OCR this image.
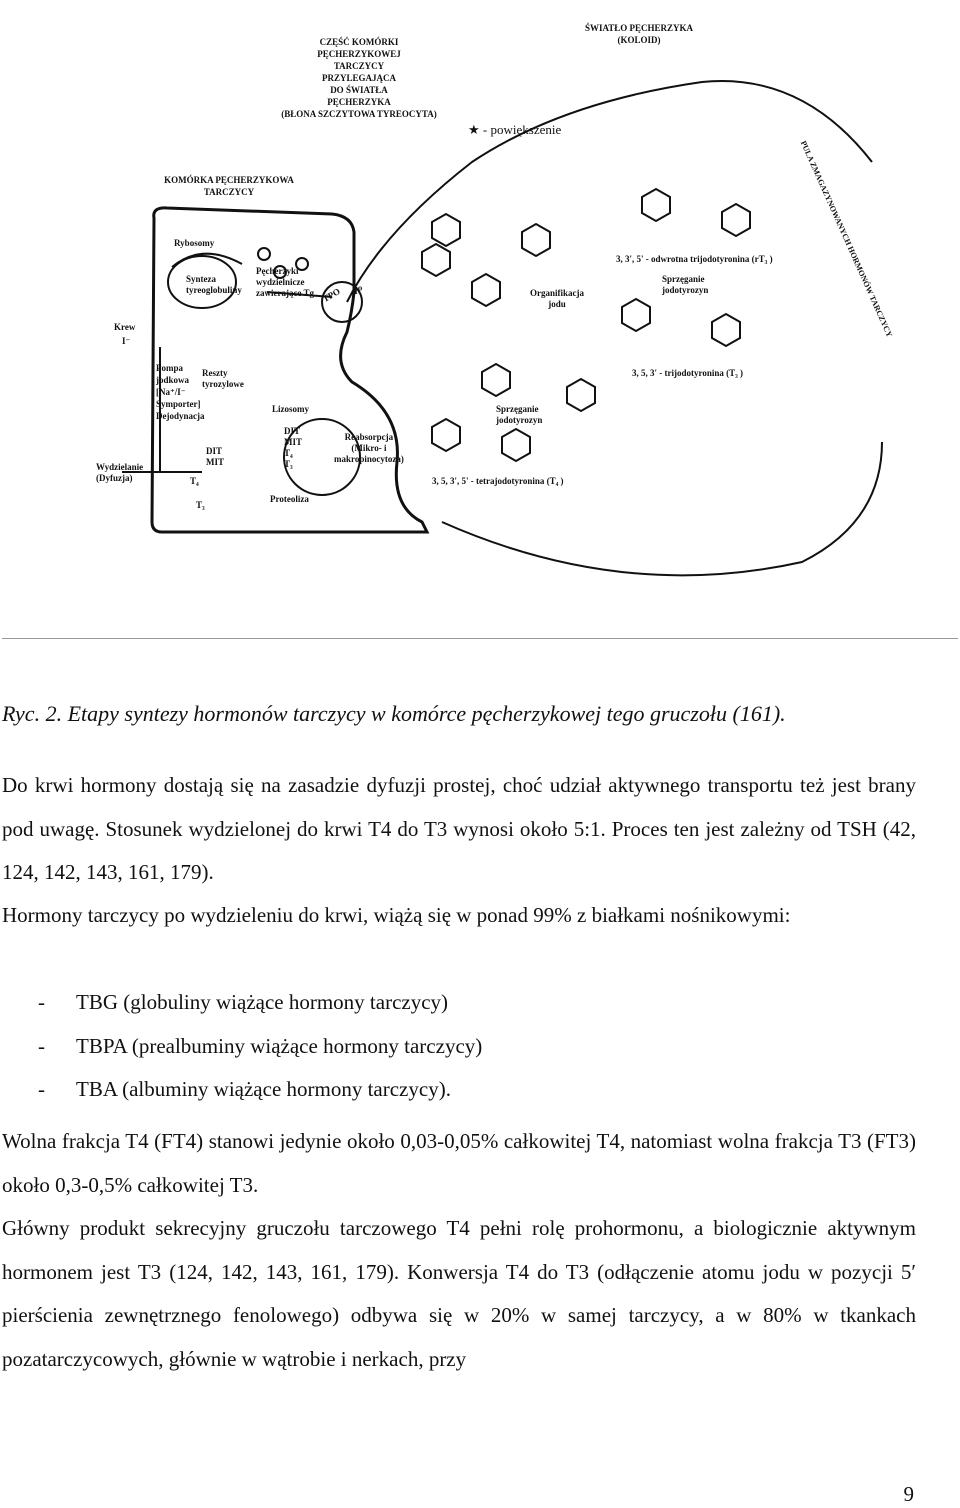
CZĘŚĆ KOMÓRKI
PĘCHERZYKOWEJ
TARCZYCY
PRZYLEGAJĄCA
DO ŚWIATŁA
PĘCHERZYKA
(BŁONA SZCZYTOWA TYREOCYTA)
ŚWIATŁO PĘCHERZYKA
(KOLOID)
★ - powiększenie
KOMÓRKA PĘCHERZYKOWA
TARCZYCY
Rybosomy
Synteza
tyreoglobuliny
Pęcherzyki
wydzielnicze
zawierające Tg TPO I⁰
Krew
I⁻
Pompa
jodkowa
[Na⁺/I⁻
Symporter]
Dejodynacja
Reszty
tyrozylowe
DIT
MIT
T₄
T₃
Wydzielanie
(Dyfuzja)
Lizosomy
DIT
MIT
T₄
T₃
Reabsorpcja
(Mikro- i
makropinocytoza)
Proteoliza
Organifikacja
jodu
Sprzęganie
jodotyrozyn
Sprzęganie
jodotyrozyn
3, 3', 5' - odwrotna trijodotyronina (rT₃ )
3, 5, 3' - trijodotyronina (T₃ )
3, 5, 3', 5' - tetrajodotyronina (T₄ )
PULA ZMAGAZYNOWANYCH HORMONÓW TARCZYCY

Ryc. 2. Etapy syntezy hormonów tarczycy w komórce pęcherzykowej tego gruczołu (161).

Do krwi hormony dostają się na zasadzie dyfuzji prostej, choć udział aktywnego transportu też jest brany pod uwagę. Stosunek wydzielonej do krwi T4 do T3 wynosi około 5:1. Proces ten jest zależny od TSH (42, 124, 142, 143, 161, 179).

Hormony tarczycy po wydzieleniu do krwi, wiążą się w ponad 99% z białkami nośnikowymi:

-	TBG (globuliny wiążące hormony tarczycy)
-	TBPA (prealbuminy wiążące hormony tarczycy)
-	TBA (albuminy wiążące hormony tarczycy).

Wolna frakcja T4 (FT4) stanowi jedynie około 0,03-0,05% całkowitej T4, natomiast wolna frakcja T3 (FT3) około 0,3-0,5% całkowitej T3.

Główny produkt sekrecyjny gruczołu tarczowego T4 pełni rolę prohormonu, a biologicznie aktywnym hormonem jest T3 (124, 142, 143, 161, 179). Konwersja T4 do T3 (odłączenie atomu jodu w pozycji 5′ pierścienia zewnętrznego fenolowego) odbywa się w 20% w samej tarczycy, a w 80% w tkankach pozatarczycowych, głównie w wątrobie i nerkach, przy

9
